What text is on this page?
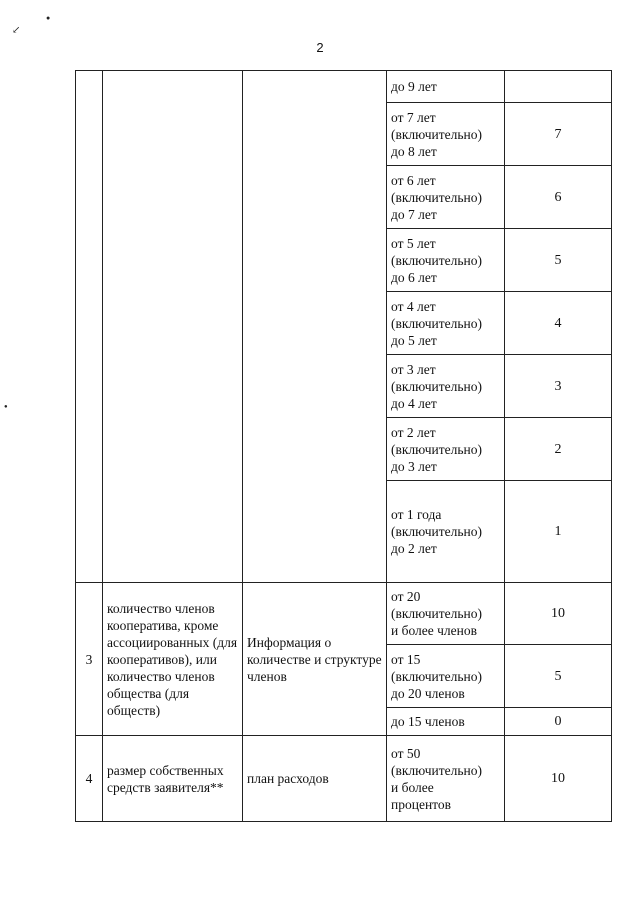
↙
●
●
2
			до 9 лет	

			от 7 лет
(включительно)
до 8 лет	7

			от 6 лет
(включительно)
до 7 лет	6

			от 5 лет
(включительно)
до 6 лет	5

			от 4 лет
(включительно)
до 5 лет	4

			от 3 лет
(включительно)
до 4 лет	3

			от 2 лет
(включительно)
до 3 лет	2

			от 1 года
(включительно)
до 2 лет	1
3	количество членов кооператива, кроме ассоциированных (для кооперативов), или количество членов общества (для обществ)	Информация о количестве и структуре членов	от 20
(включительно)
и более членов	10

			от 15
(включительно)
до 20 членов	5
			до 15 членов	0
4	размер собственных средств заявителя**	план расходов	от 50
(включительно)
и более
процентов	10
